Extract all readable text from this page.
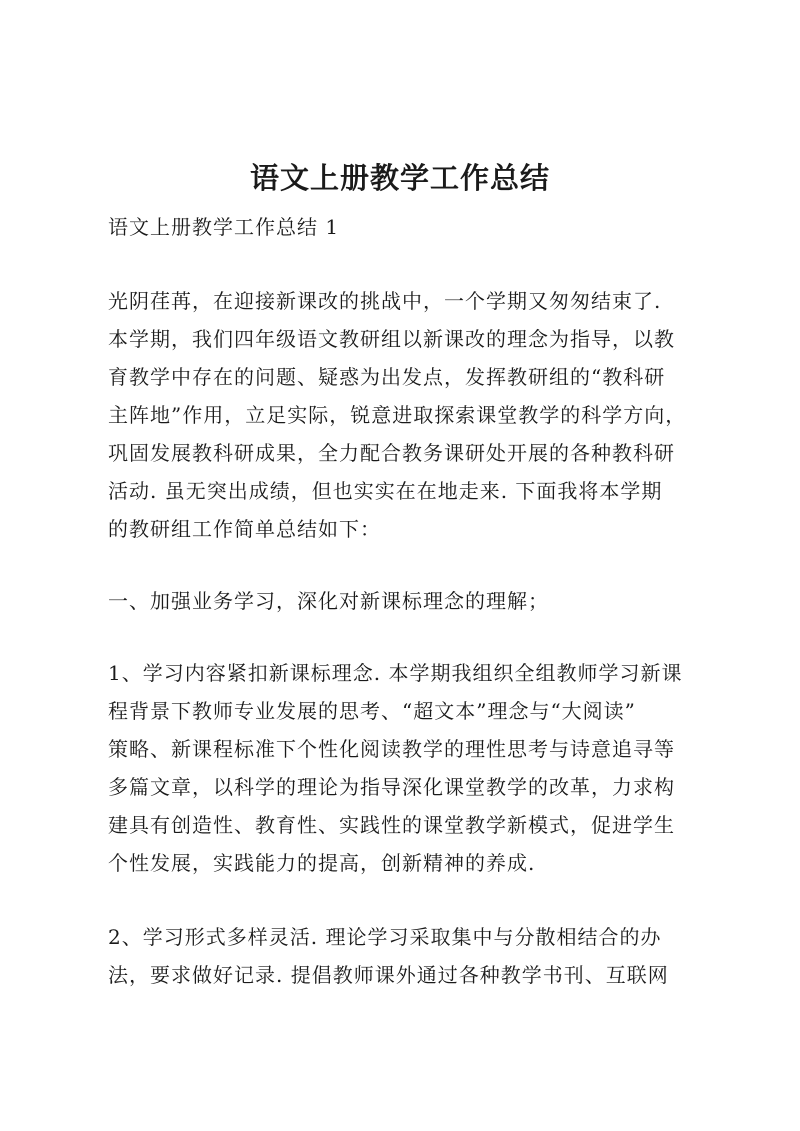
语文上册教学工作总结
语文上册教学工作总结 1
光阴荏苒，在迎接新课改的挑战中，一个学期又匆匆结束了.
本学期，我们四年级语文教研组以新课改的理念为指导，以教
育教学中存在的问题、疑惑为出发点，发挥教研组的“教科研
主阵地”作用，立足实际，锐意进取探索课堂教学的科学方向，
巩固发展教科研成果，全力配合教务课研处开展的各种教科研
活动. 虽无突出成绩，但也实实在在地走来. 下面我将本学期
的教研组工作简单总结如下：
一、加强业务学习，深化对新课标理念的理解；
1、学习内容紧扣新课标理念. 本学期我组织全组教师学习新课
程背景下教师专业发展的思考、“超文本”理念与“大阅读”
策略、新课程标准下个性化阅读教学的理性思考与诗意追寻等
多篇文章，以科学的理论为指导深化课堂教学的改革，力求构
建具有创造性、教育性、实践性的课堂教学新模式，促进学生
个性发展，实践能力的提高，创新精神的养成.
2、学习形式多样灵活. 理论学习采取集中与分散相结合的办
法，要求做好记录. 提倡教师课外通过各种教学书刊、互联网
